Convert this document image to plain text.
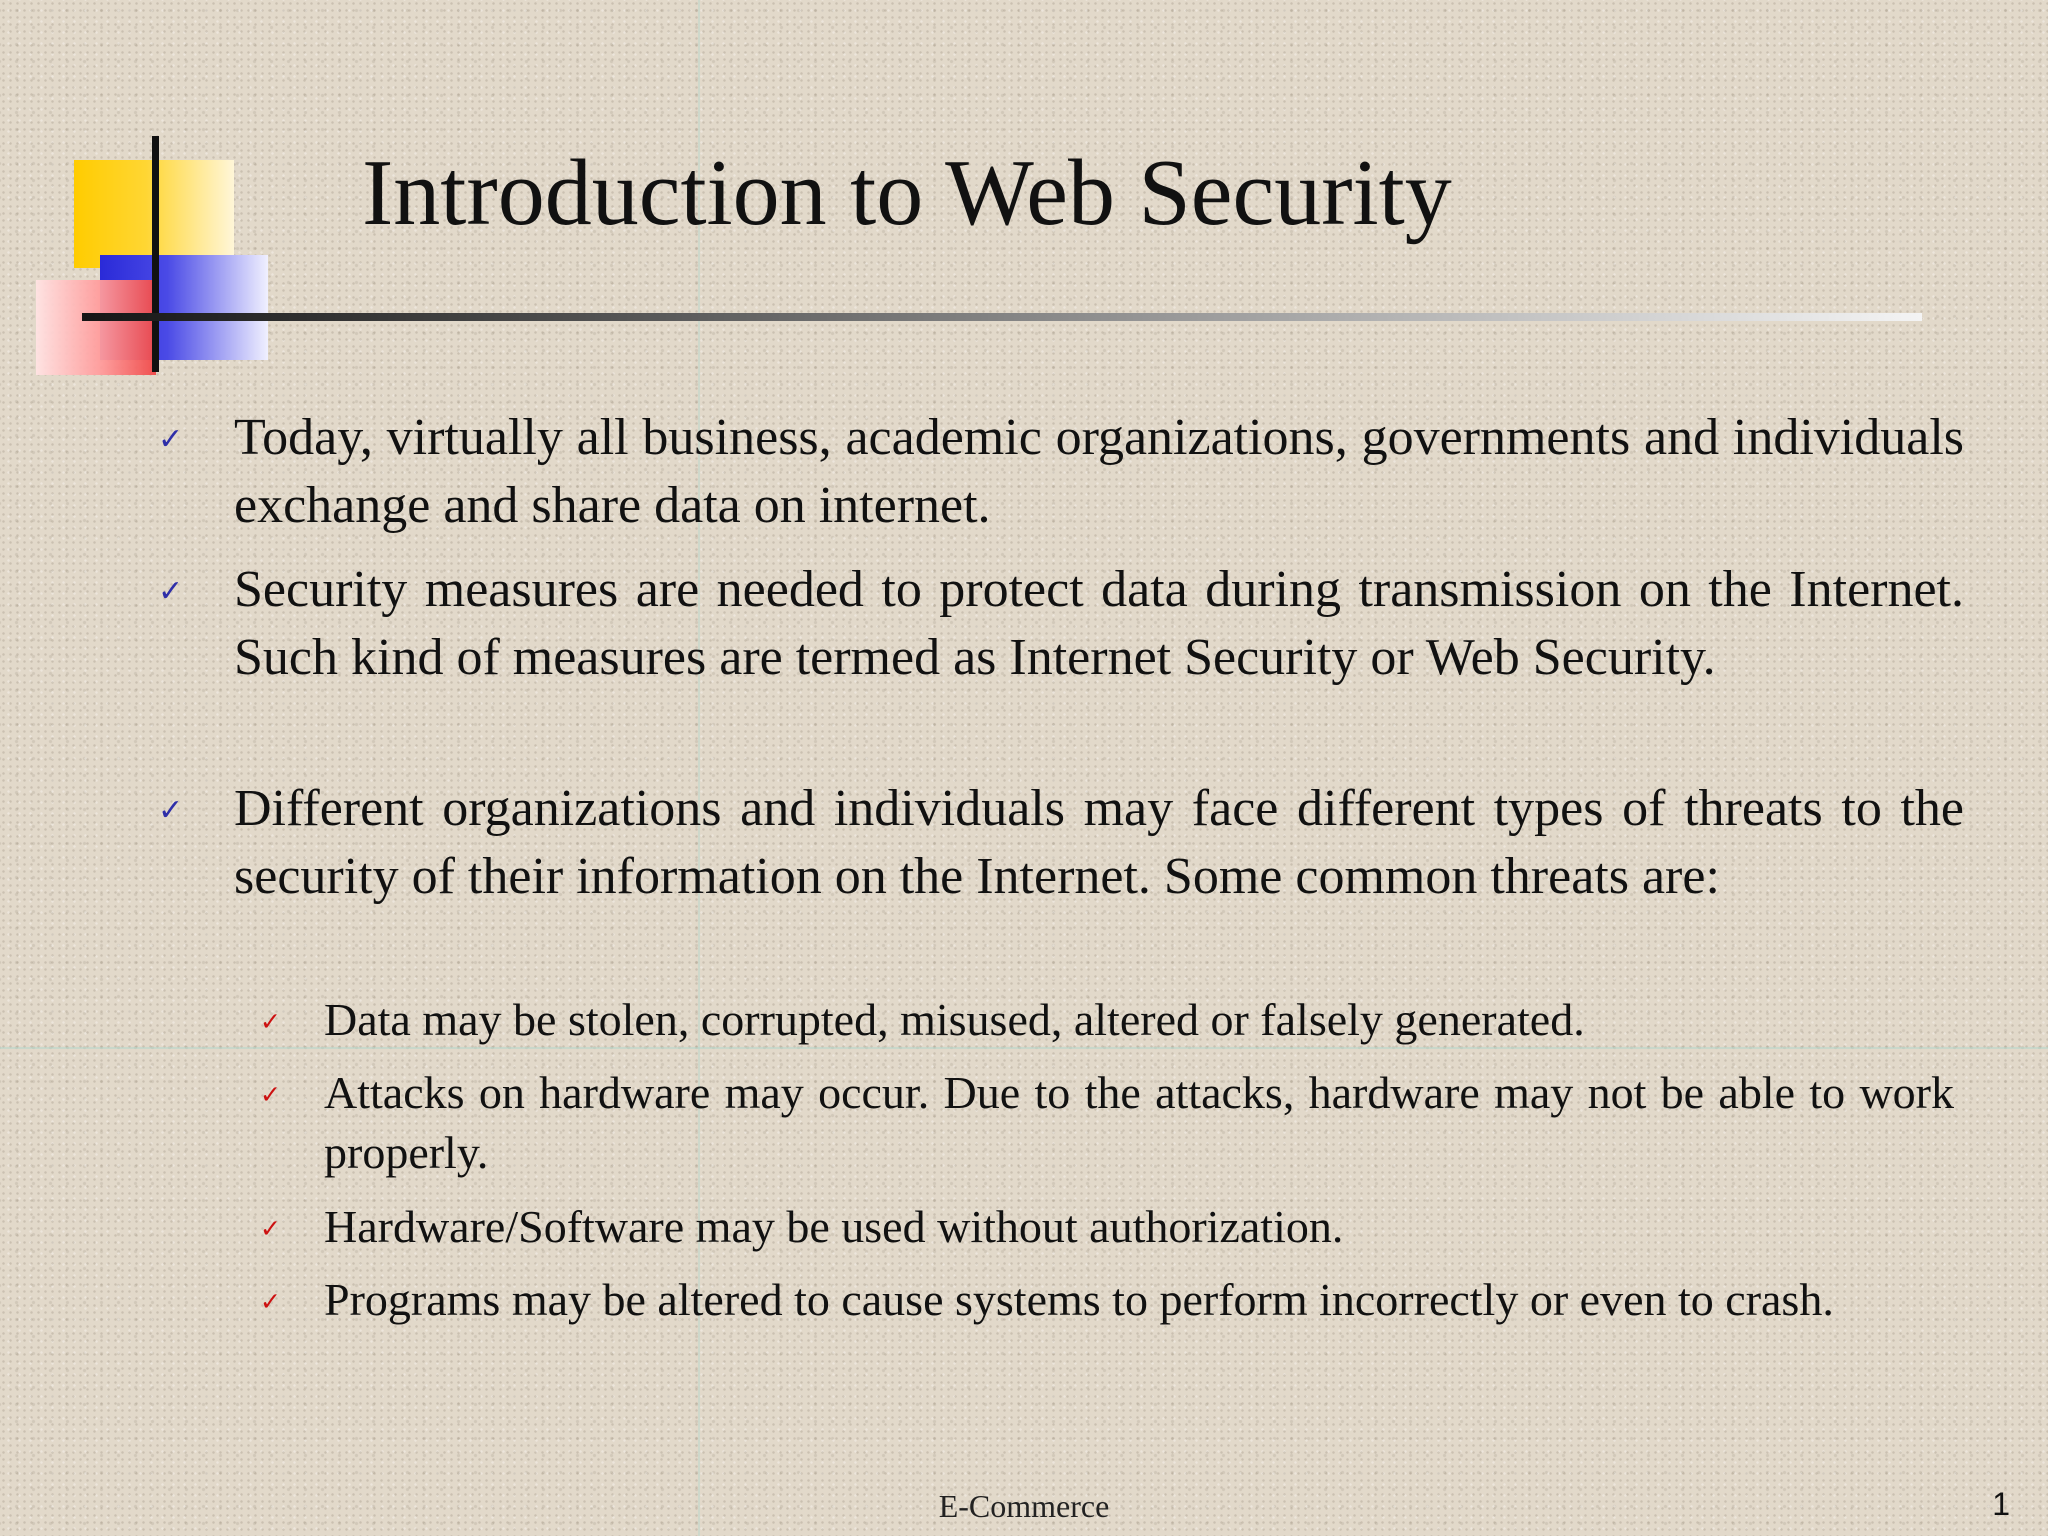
Introduction to Web Security

✓ Today, virtually all business, academic organizations, governments and individuals exchange and share data on internet.

✓ Security measures are needed to protect data during transmission on the Internet. Such kind of measures are termed as Internet Security or Web Security.

✓ Different organizations and individuals may face different types of threats to the security of their information on the Internet. Some common threats are:

✓ Data may be stolen, corrupted, misused, altered or falsely generated.

✓ Attacks on hardware may occur. Due to the attacks, hardware may not be able to work properly.

✓ Hardware/Software may be used without authorization.

✓ Programs may be altered to cause systems to perform incorrectly or even to crash.

E-Commerce	1
